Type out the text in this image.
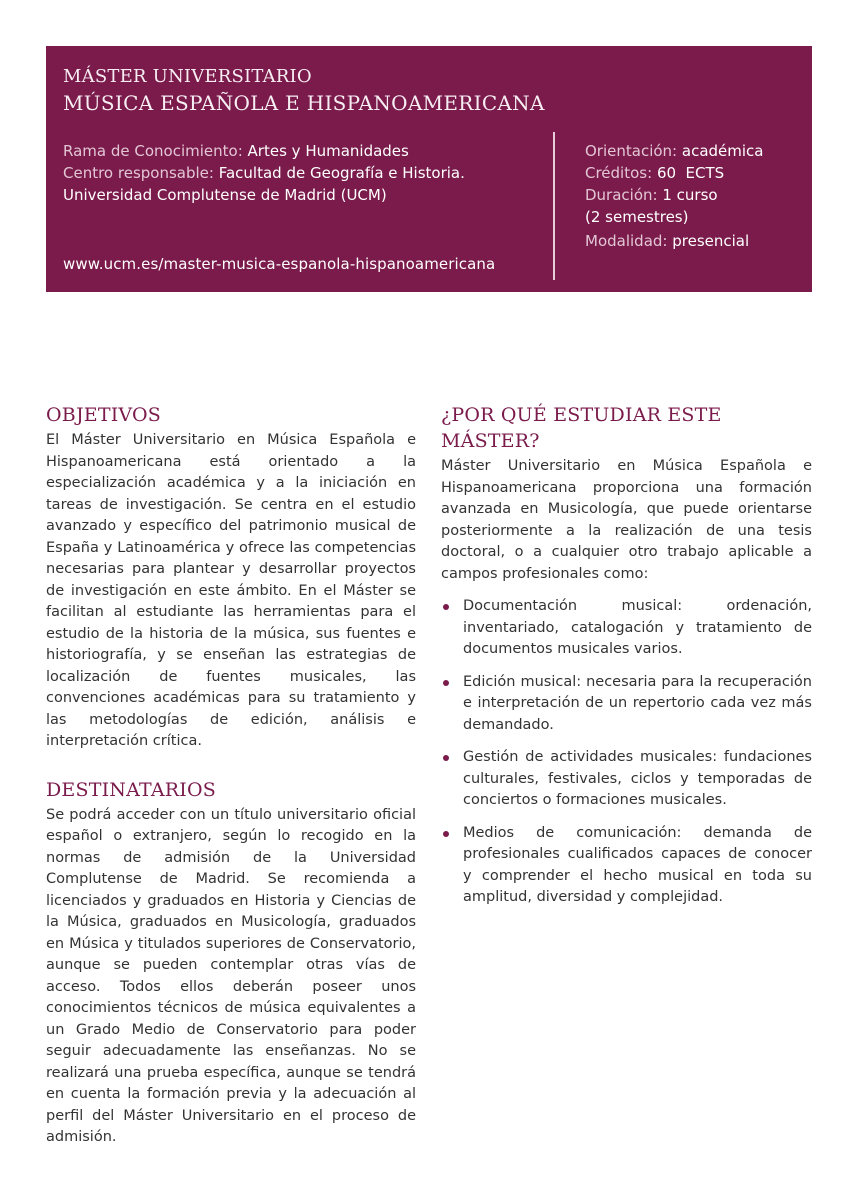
MÁSTER UNIVERSITARIO
MÚSICA ESPAÑOLA E HISPANOAMERICANA

Rama de Conocimiento: Artes y Humanidades

Centro responsable: Facultad de Geografía e Historia.
Universidad Complutense de Madrid (UCM)

www.ucm.es/master-musica-espanola-hispanoamericana

Orientación: académica

Créditos: 60  ECTS

Duración: 1 curso
(2 semestres)

Modalidad: presencial

OBJETIVOS

El Máster Universitario en Música Española e Hispanoamericana está orientado a la especialización académica y a la iniciación en tareas de investigación. Se centra en el estudio avanzado y específico del patrimonio musical de España y Latinoamérica y ofrece las competencias necesarias para plantear y desarrollar proyectos de investigación en este ámbito. En el Máster se facilitan al estudiante las herramientas para el estudio de la historia de la música, sus fuentes e historiografía, y se enseñan las estrategias de localización de fuentes musicales, las convenciones académicas para su tratamiento y las metodologías de edición, análisis e interpretación crítica.

DESTINATARIOS

Se podrá acceder con un título universitario oficial español o extranjero, según lo recogido en la normas de admisión de la Universidad Complutense de Madrid. Se recomienda a licenciados y graduados en Historia y Ciencias de la Música, graduados en Musicología, graduados en Música y titulados superiores de Conservatorio, aunque se pueden contemplar otras vías de acceso. Todos ellos deberán poseer unos conocimientos técnicos de música equivalentes a un Grado Medio de Conservatorio para poder seguir adecuadamente las enseñanzas. No se realizará una prueba específica, aunque se tendrá en cuenta la formación previa y la adecuación al perfil del Máster Universitario en el proceso de admisión.

¿POR QUÉ ESTUDIAR ESTE MÁSTER?

Máster Universitario en Música Española e Hispanoamericana proporciona una formación avanzada en Musicología, que puede orientarse posteriormente a la realización de una tesis doctoral, o a cualquier otro trabajo aplicable a campos profesionales como:

Documentación musical: ordenación, inventariado, catalogación y tratamiento de documentos musicales varios.
Edición musical: necesaria para la recuperación e interpretación de un repertorio cada vez más demandado.
Gestión de actividades musicales: fundaciones culturales, festivales, ciclos y temporadas de conciertos o formaciones musicales.
Medios de comunicación: demanda de profesionales cualificados capaces de conocer y comprender el hecho musical en toda su amplitud, diversidad y complejidad.
